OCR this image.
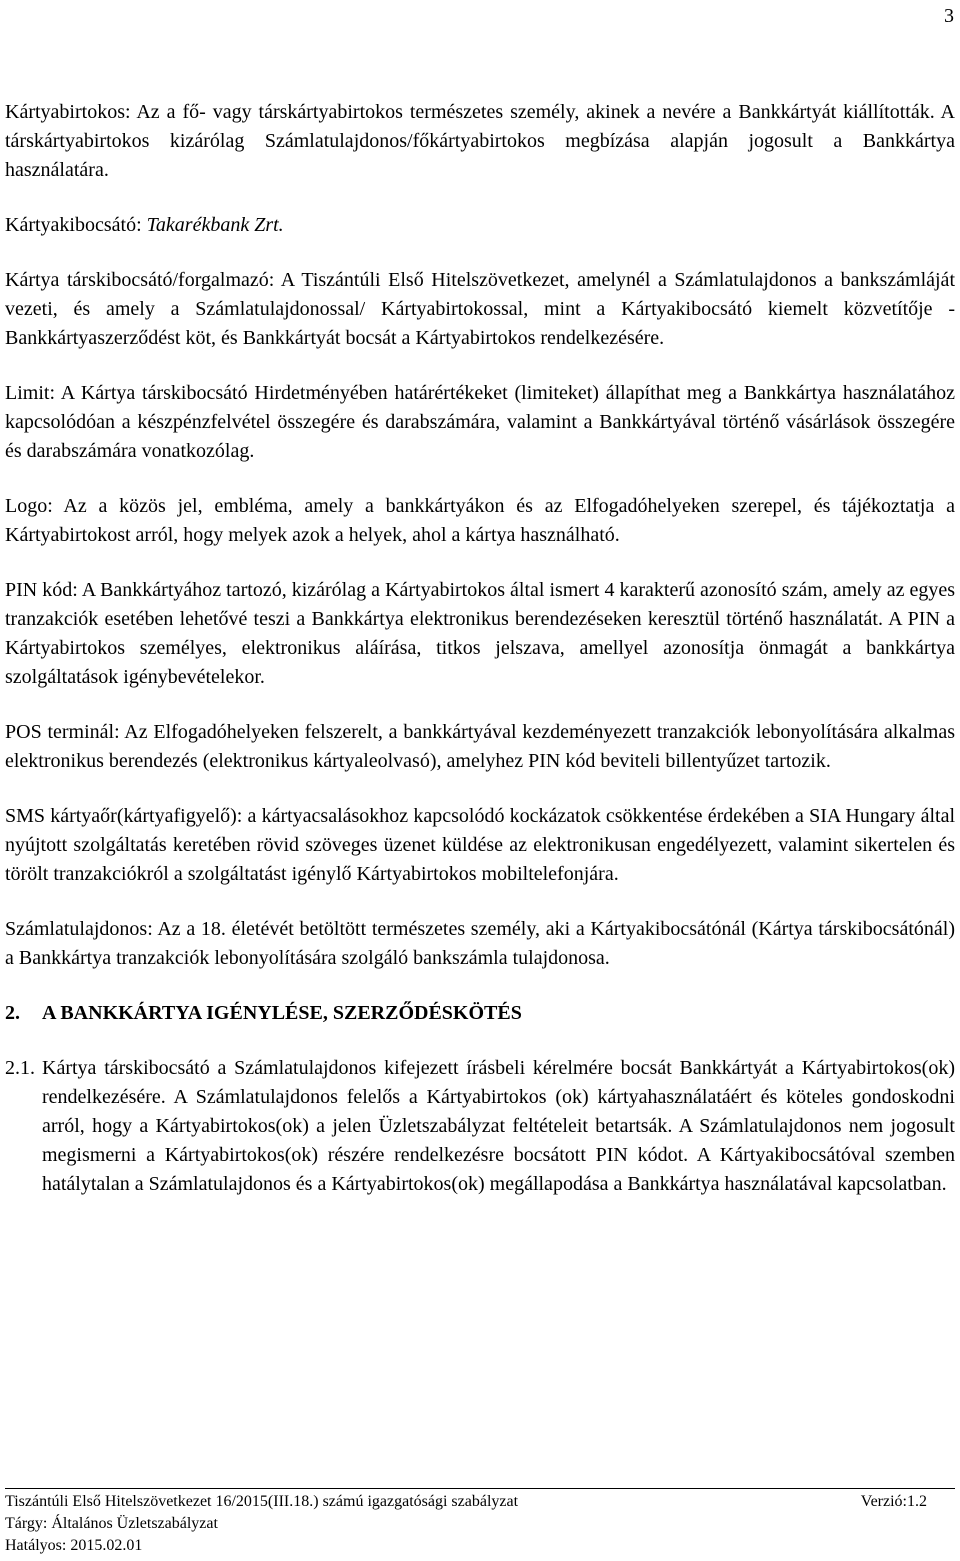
3

Kártyabirtokos: Az a fő- vagy társkártyabirtokos természetes személy, akinek a nevére a Bankkártyát kiállították. A társkártyabirtokos kizárólag Számlatulajdonos/főkártyabirtokos megbízása alapján jogosult a Bankkártya használatára.

Kártyakibocsátó: Takarékbank Zrt.

Kártya társkibocsátó/forgalmazó: A Tiszántúli Első Hitelszövetkezet, amelynél a Számlatulajdonos a bankszámláját vezeti, és amely a Számlatulajdonossal/ Kártyabirtokossal, mint a Kártyakibocsátó kiemelt közvetítője - Bankkártyaszerződést köt, és Bankkártyát bocsát a Kártyabirtokos rendelkezésére.

Limit: A Kártya társkibocsátó Hirdetményében határértékeket (limiteket) állapíthat meg a Bankkártya használatához kapcsolódóan a készpénzfelvétel összegére és darabszámára, valamint a Bankkártyával történő vásárlások összegére és darabszámára vonatkozólag.

Logo: Az a közös jel, embléma, amely a bankkártyákon és az Elfogadóhelyeken szerepel, és tájékoztatja a Kártyabirtokost arról, hogy melyek azok a helyek, ahol a kártya használható.

PIN kód: A Bankkártyához tartozó, kizárólag a Kártyabirtokos által ismert 4 karakterű azonosító szám, amely az egyes tranzakciók esetében lehetővé teszi a Bankkártya elektronikus berendezéseken keresztül történő használatát. A PIN a Kártyabirtokos személyes, elektronikus aláírása, titkos jelszava, amellyel azonosítja önmagát a bankkártya szolgáltatások igénybevételekor.

POS terminál: Az Elfogadóhelyeken felszerelt, a bankkártyával kezdeményezett tranzakciók lebonyolítására alkalmas elektronikus berendezés (elektronikus kártyaleolvasó), amelyhez PIN kód beviteli billentyűzet tartozik.

SMS kártyaőr(kártyafigyelő): a kártyacsalásokhoz kapcsolódó kockázatok csökkentése érdekében a SIA Hungary által nyújtott szolgáltatás keretében rövid szöveges üzenet küldése az elektronikusan engedélyezett, valamint sikertelen és törölt tranzakciókról a szolgáltatást igénylő Kártyabirtokos mobiltelefonjára.

Számlatulajdonos: Az a 18. életévét betöltött természetes személy, aki a Kártyakibocsátónál (Kártya társkibocsátónál) a Bankkártya tranzakciók lebonyolítására szolgáló bankszámla tulajdonosa.

2.	A BANKKÁRTYA IGÉNYLÉSE, SZERZŐDÉSKÖTÉS
2.1. Kártya társkibocsátó a Számlatulajdonos kifejezett írásbeli kérelmére bocsát Bankkártyát a Kártyabirtokos(ok) rendelkezésére. A Számlatulajdonos felelős a Kártyabirtokos (ok) kártyahasználatáért és köteles gondoskodni arról, hogy a Kártyabirtokos(ok) a jelen Üzletszabályzat feltételeit betartsák. A Számlatulajdonos nem jogosult megismerni a Kártyabirtokos(ok) részére rendelkezésre bocsátott PIN kódot. A Kártyakibocsátóval szemben hatálytalan a Számlatulajdonos és a Kártyabirtokos(ok) megállapodása a Bankkártya használatával kapcsolatban.
Tiszántúli Első Hitelszövetkezet 16/2015(III.18.) számú igazgatósági szabályzat	Verzió:1.2
Tárgy: Általános Üzletszabályzat
Hatályos: 2015.02.01
